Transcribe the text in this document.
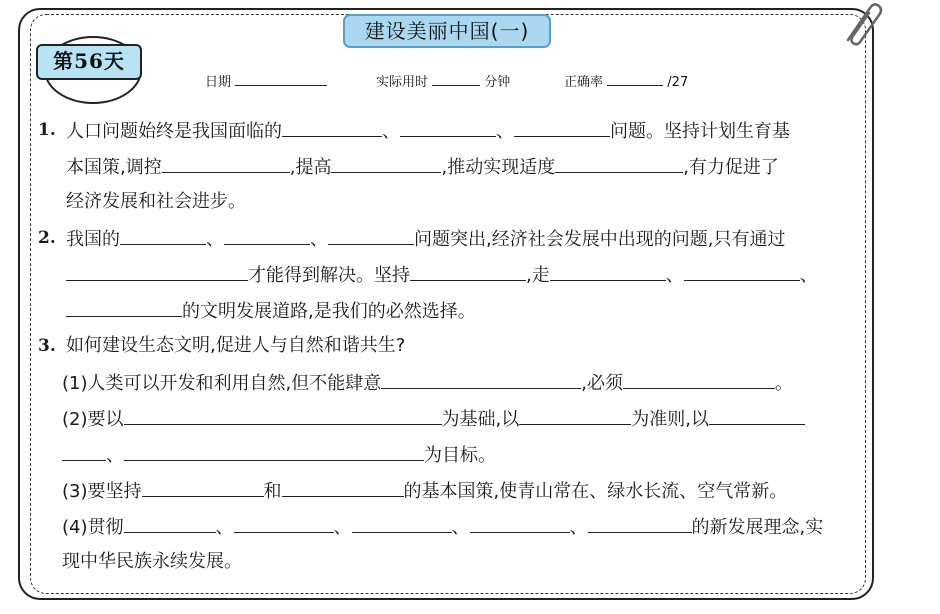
建设美丽中国(一)
第56天
日期	实际用时	分钟	正确率	/27
1. 人口问题始终是我国面临的	、	、	问题。坚持计划生育基
本国策,调控	,提高	,推动实现适度	,有力促进了
经济发展和社会进步。
2. 我国的	、	、	问题突出,经济社会发展中出现的问题,只有通过
才能得到解决。坚持	,走	、	、
的文明发展道路,是我们的必然选择。
3. 如何建设生态文明,促进人与自然和谐共生?
(1)人类可以开发和利用自然,但不能肆意	,必须	。
(2)要以	为基础,以	为准则,以
、	为目标。
(3)要坚持	和	的基本国策,使青山常在、绿水长流、空气常新。
(4)贯彻	、	、	、	、	的新发展理念,实
现中华民族永续发展。
